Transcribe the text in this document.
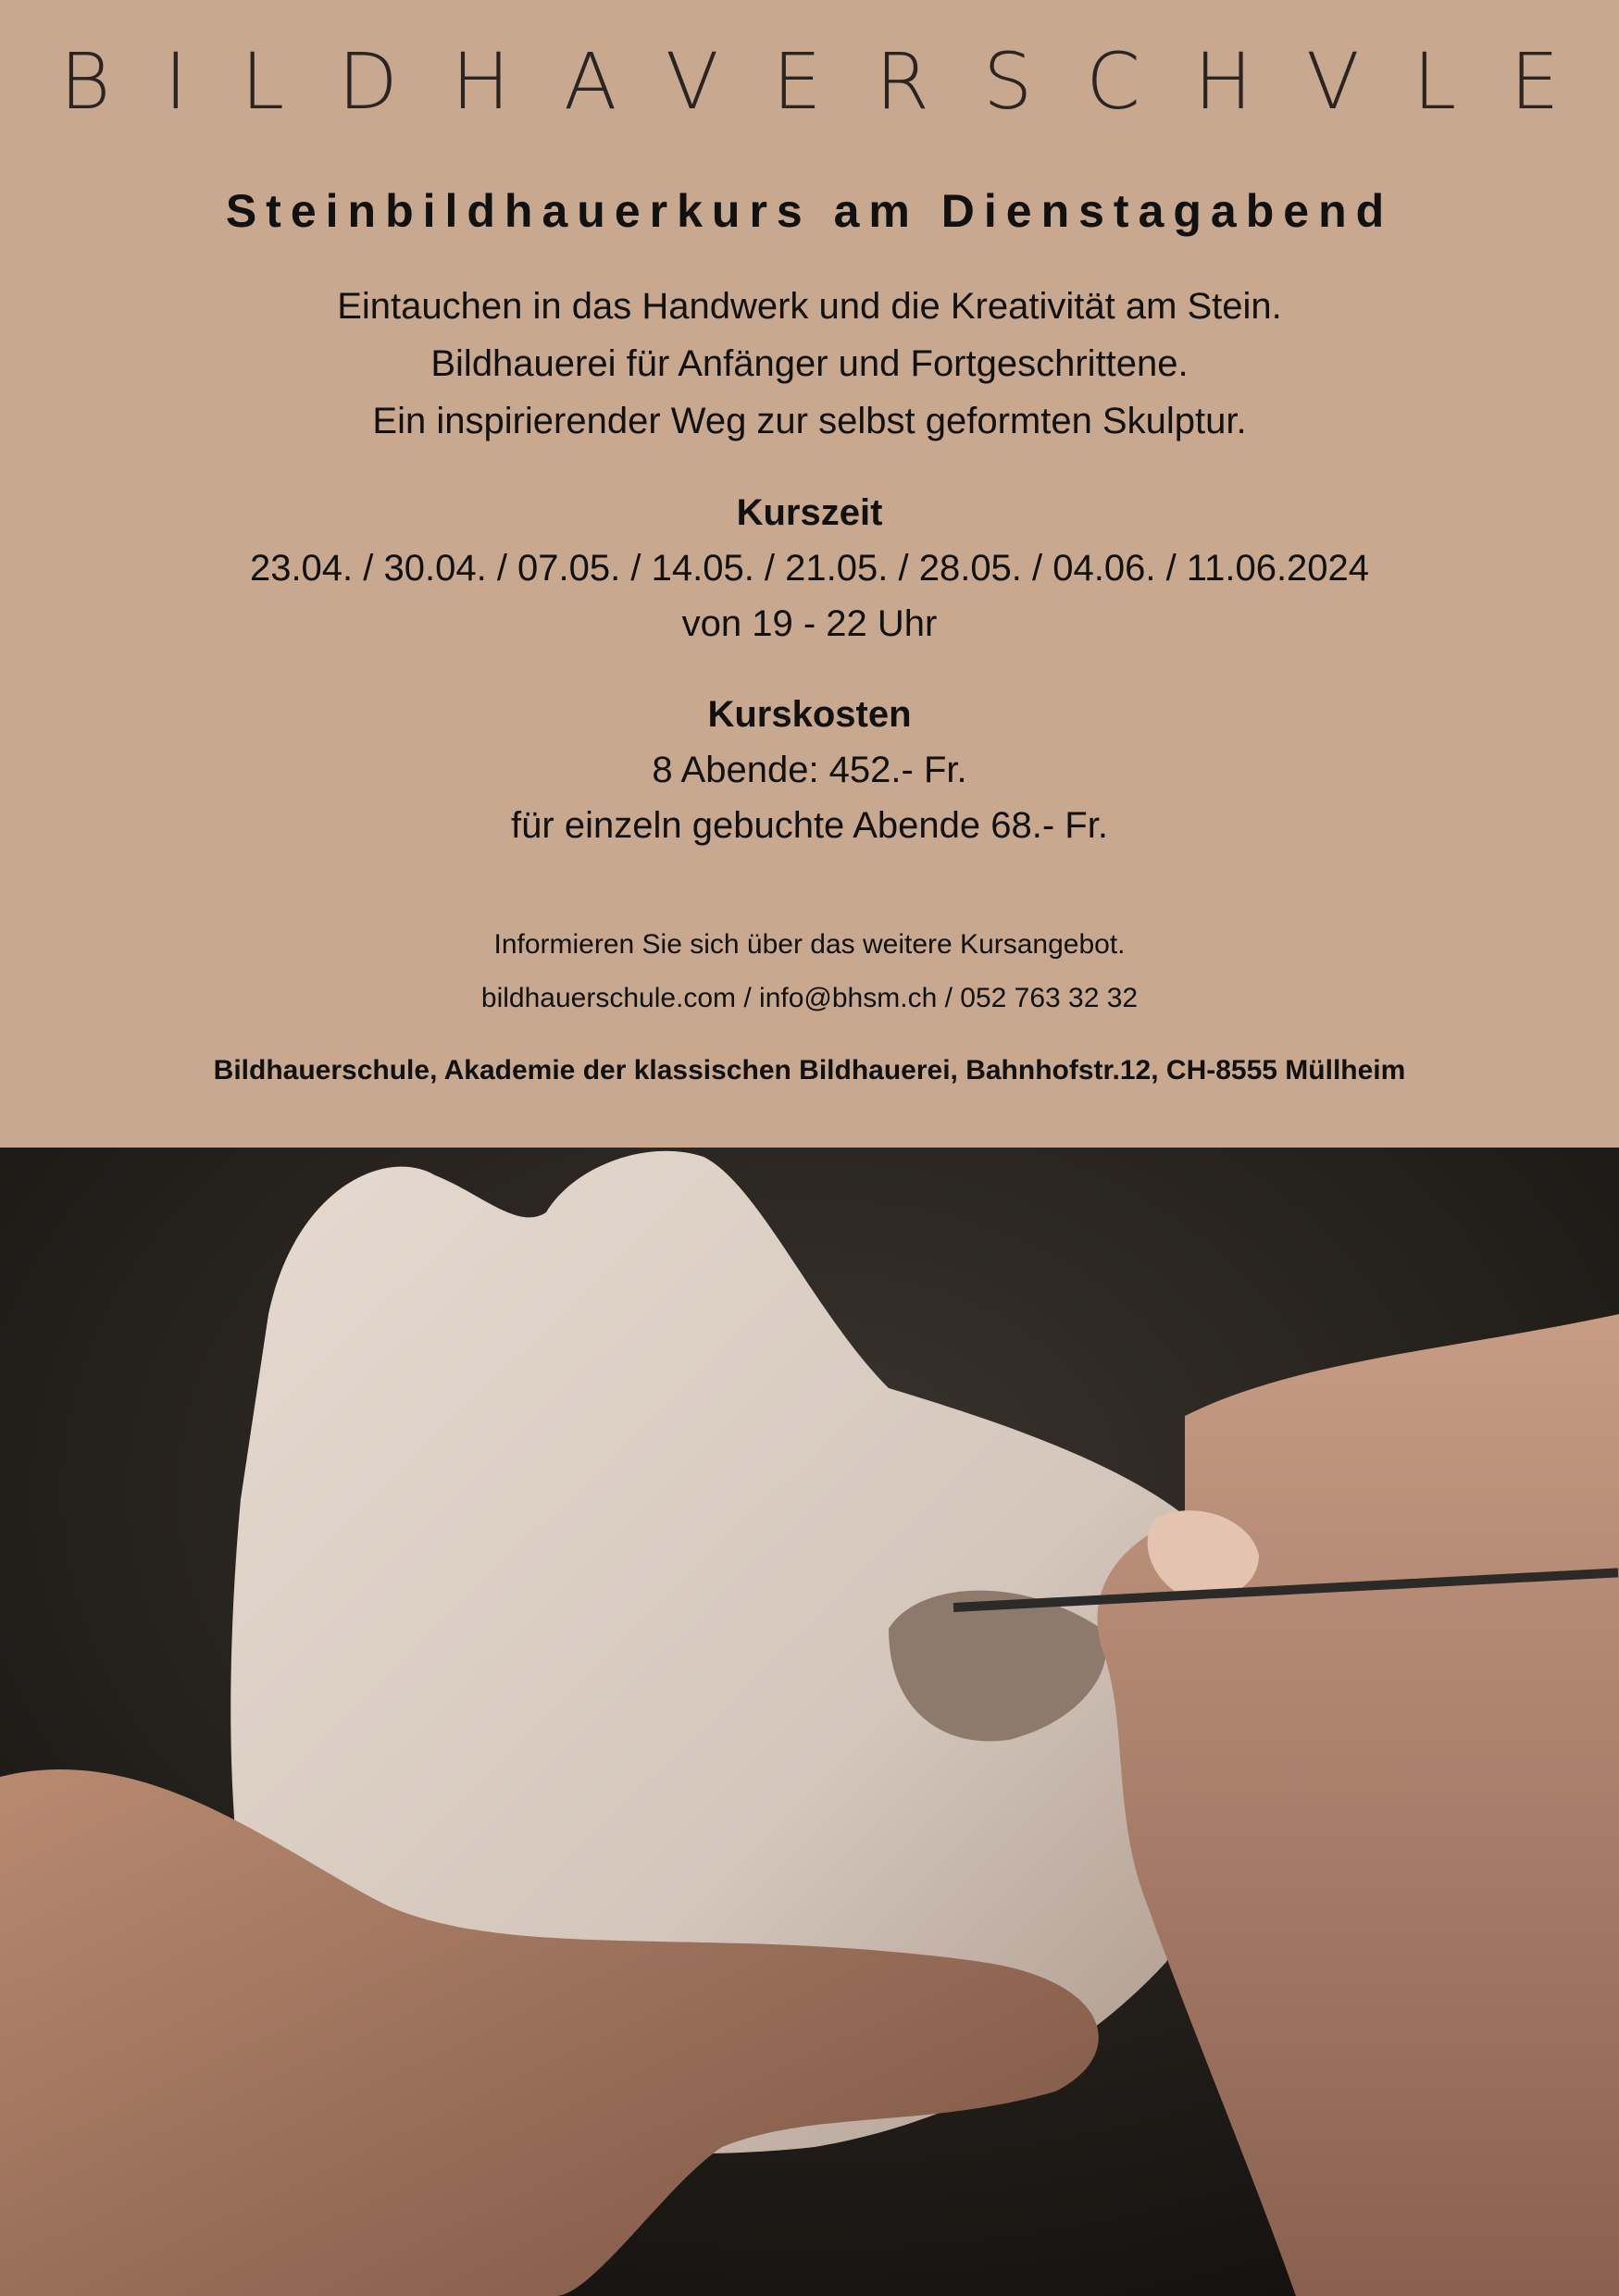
BILDHAVERSCHVLE
Steinbildhauerkurs am Dienstagabend
Eintauchen in das Handwerk und die Kreativität am Stein.
Bildhauerei für Anfänger und Fortgeschrittene.
Ein inspirierender Weg zur selbst geformten Skulptur.
Kurszeit
23.04. / 30.04. / 07.05. / 14.05. / 21.05. / 28.05. / 04.06. / 11.06.2024
von 19 - 22 Uhr
Kurskosten
8 Abende: 452.- Fr.
für einzeln gebuchte Abende 68.- Fr.
Informieren Sie sich über das weitere Kursangebot.
bildhauerschule.com / info@bhsm.ch / 052 763 32 32
Bildhauerschule, Akademie der klassischen Bildhauerei, Bahnhofstr.12, CH-8555 Müllheim
